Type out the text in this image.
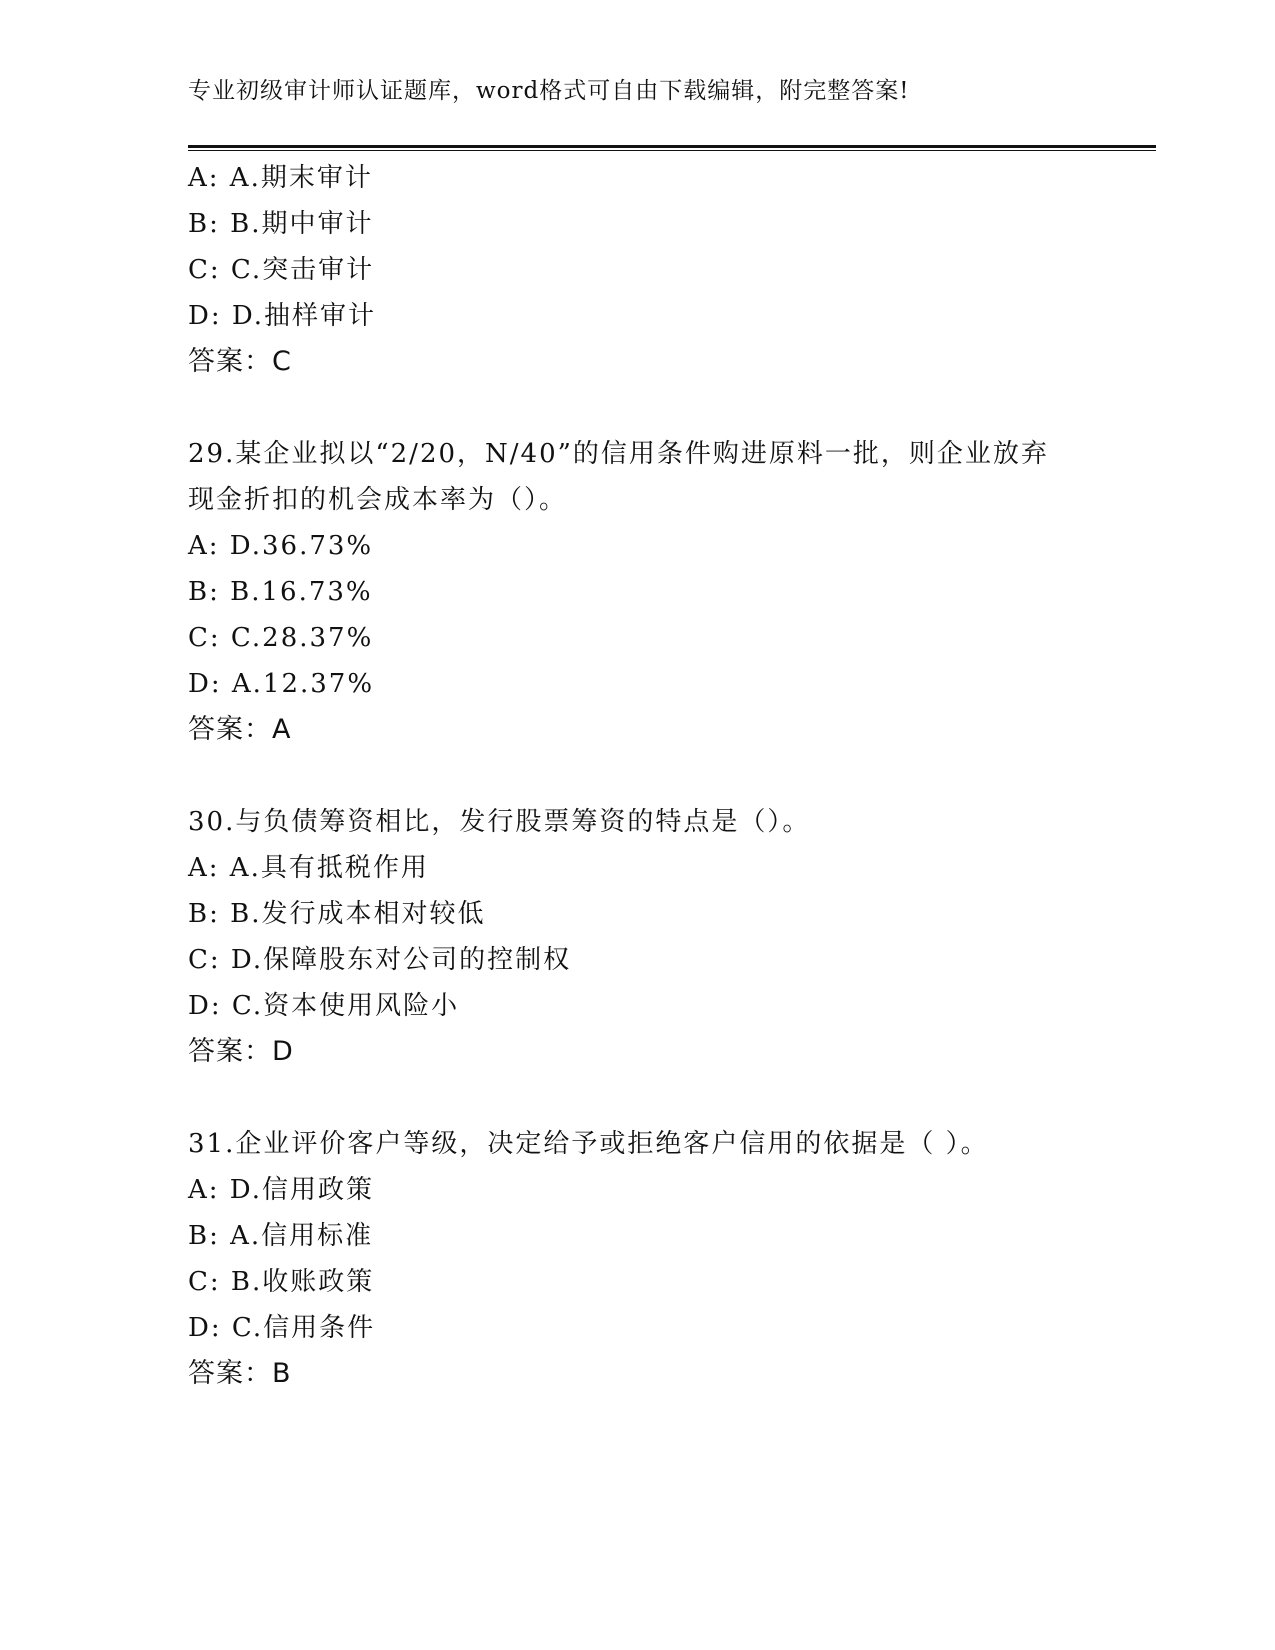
专业初级审计师认证题库，word格式可自由下载编辑，附完整答案!
A: A.期末审计
B: B.期中审计
C: C.突击审计
D: D.抽样审计
答案：C
29.某企业拟以“2/20，N/40”的信用条件购进原料一批，则企业放弃
现金折扣的机会成本率为（）。
A: D.36.73%
B: B.16.73%
C: C.28.37%
D: A.12.37%
答案：A
30.与负债筹资相比，发行股票筹资的特点是（）。
A: A.具有抵税作用
B: B.发行成本相对较低
C: D.保障股东对公司的控制权
D: C.资本使用风险小
答案：D
31.企业评价客户等级，决定给予或拒绝客户信用的依据是（ ）。
A: D.信用政策
B: A.信用标准
C: B.收账政策
D: C.信用条件
答案：B
